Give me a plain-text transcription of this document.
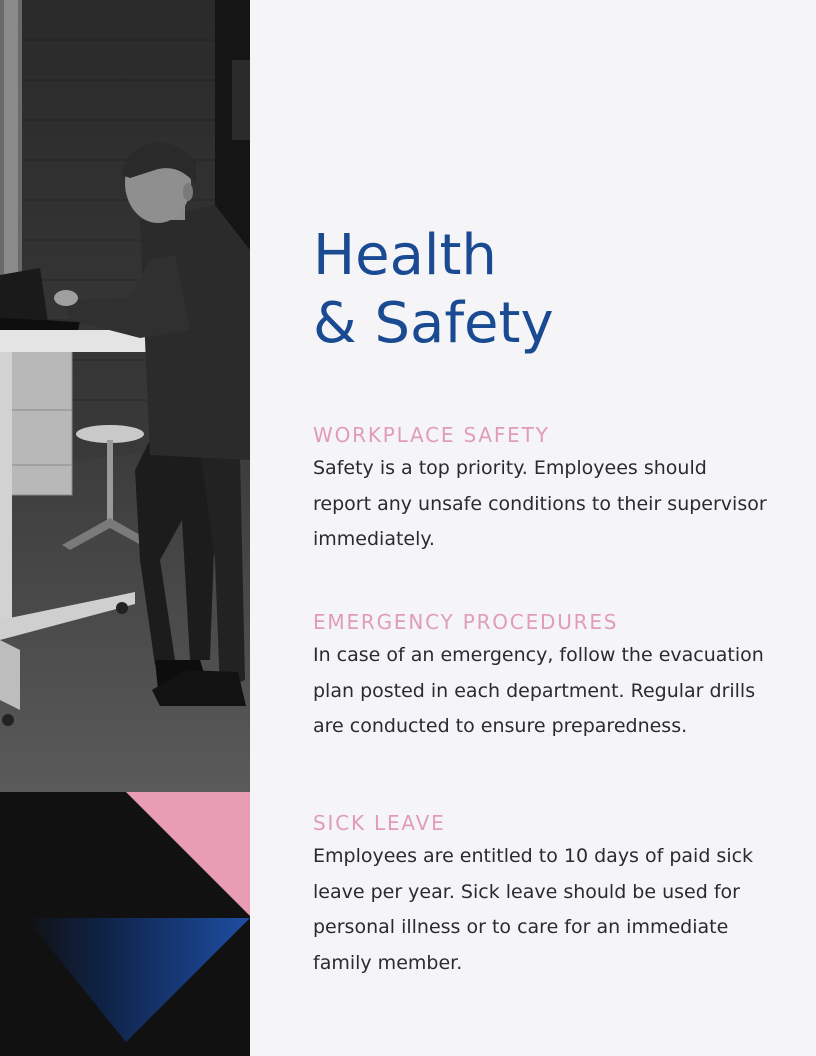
Health
& Safety
WORKPLACE SAFETY

Safety is a top priority. Employees should report any unsafe conditions to their supervisor immediately.

EMERGENCY PROCEDURES

In case of an emergency, follow the evacuation plan posted in each department. Regular drills are conducted to ensure preparedness.

SICK LEAVE

Employees are entitled to 10 days of paid sick leave per year. Sick leave should be used for personal illness or to care for an immediate family member.
